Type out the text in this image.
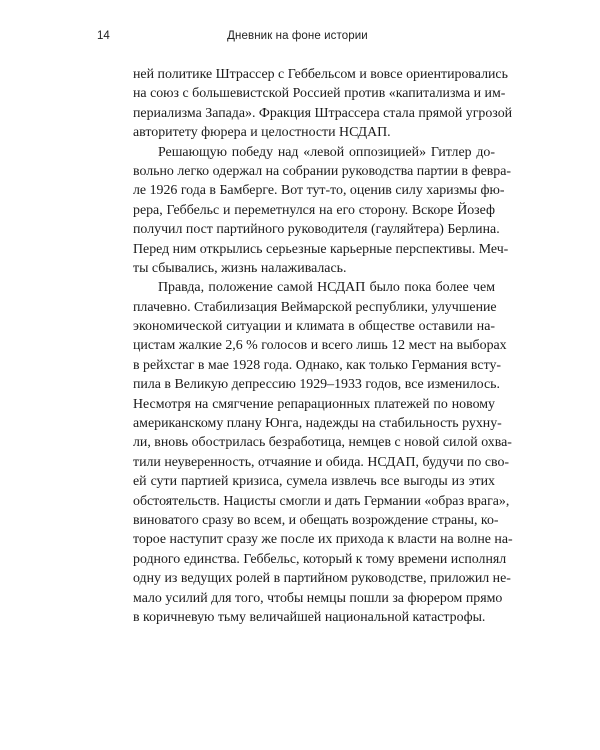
14	Дневник на фоне истории
ней политике Штрассер с Геббельсом и вовсе ориентировались
на союз с большевистской Россией против «капитализма и им-
периализма Запада». Фракция Штрассера стала прямой угрозой
авторитету фюрера и целостности НСДАП.
Решающую победу над «левой оппозицией» Гитлер до-
вольно легко одержал на собрании руководства партии в февра-
ле 1926 года в Бамберге. Вот тут-то, оценив силу харизмы фю-
рера, Геббельс и переметнулся на его сторону. Вскоре Йозеф
получил пост партийного руководителя (гауляйтера) Берлина.
Перед ним открылись серьезные карьерные перспективы. Меч-
ты сбывались, жизнь налаживалась.
Правда, положение самой НСДАП было пока более чем
плачевно. Стабилизация Веймарской республики, улучшение
экономической ситуации и климата в обществе оставили на-
цистам жалкие 2,6 % голосов и всего лишь 12 мест на выборах
в рейхстаг в мае 1928 года. Однако, как только Германия всту-
пила в Великую депрессию 1929–1933 годов, все изменилось.
Несмотря на смягчение репарационных платежей по новому
американскому плану Юнга, надежды на стабильность рухну-
ли, вновь обострилась безработица, немцев с новой силой охва-
тили неуверенность, отчаяние и обида. НСДАП, будучи по сво-
ей сути партией кризиса, сумела извлечь все выгоды из этих
обстоятельств. Нацисты смогли и дать Германии «образ врага»,
виноватого сразу во всем, и обещать возрождение страны, ко-
торое наступит сразу же после их прихода к власти на волне на-
родного единства. Геббельс, который к тому времени исполнял
одну из ведущих ролей в партийном руководстве, приложил не-
мало усилий для того, чтобы немцы пошли за фюрером прямо
в коричневую тьму величайшей национальной катастрофы.
